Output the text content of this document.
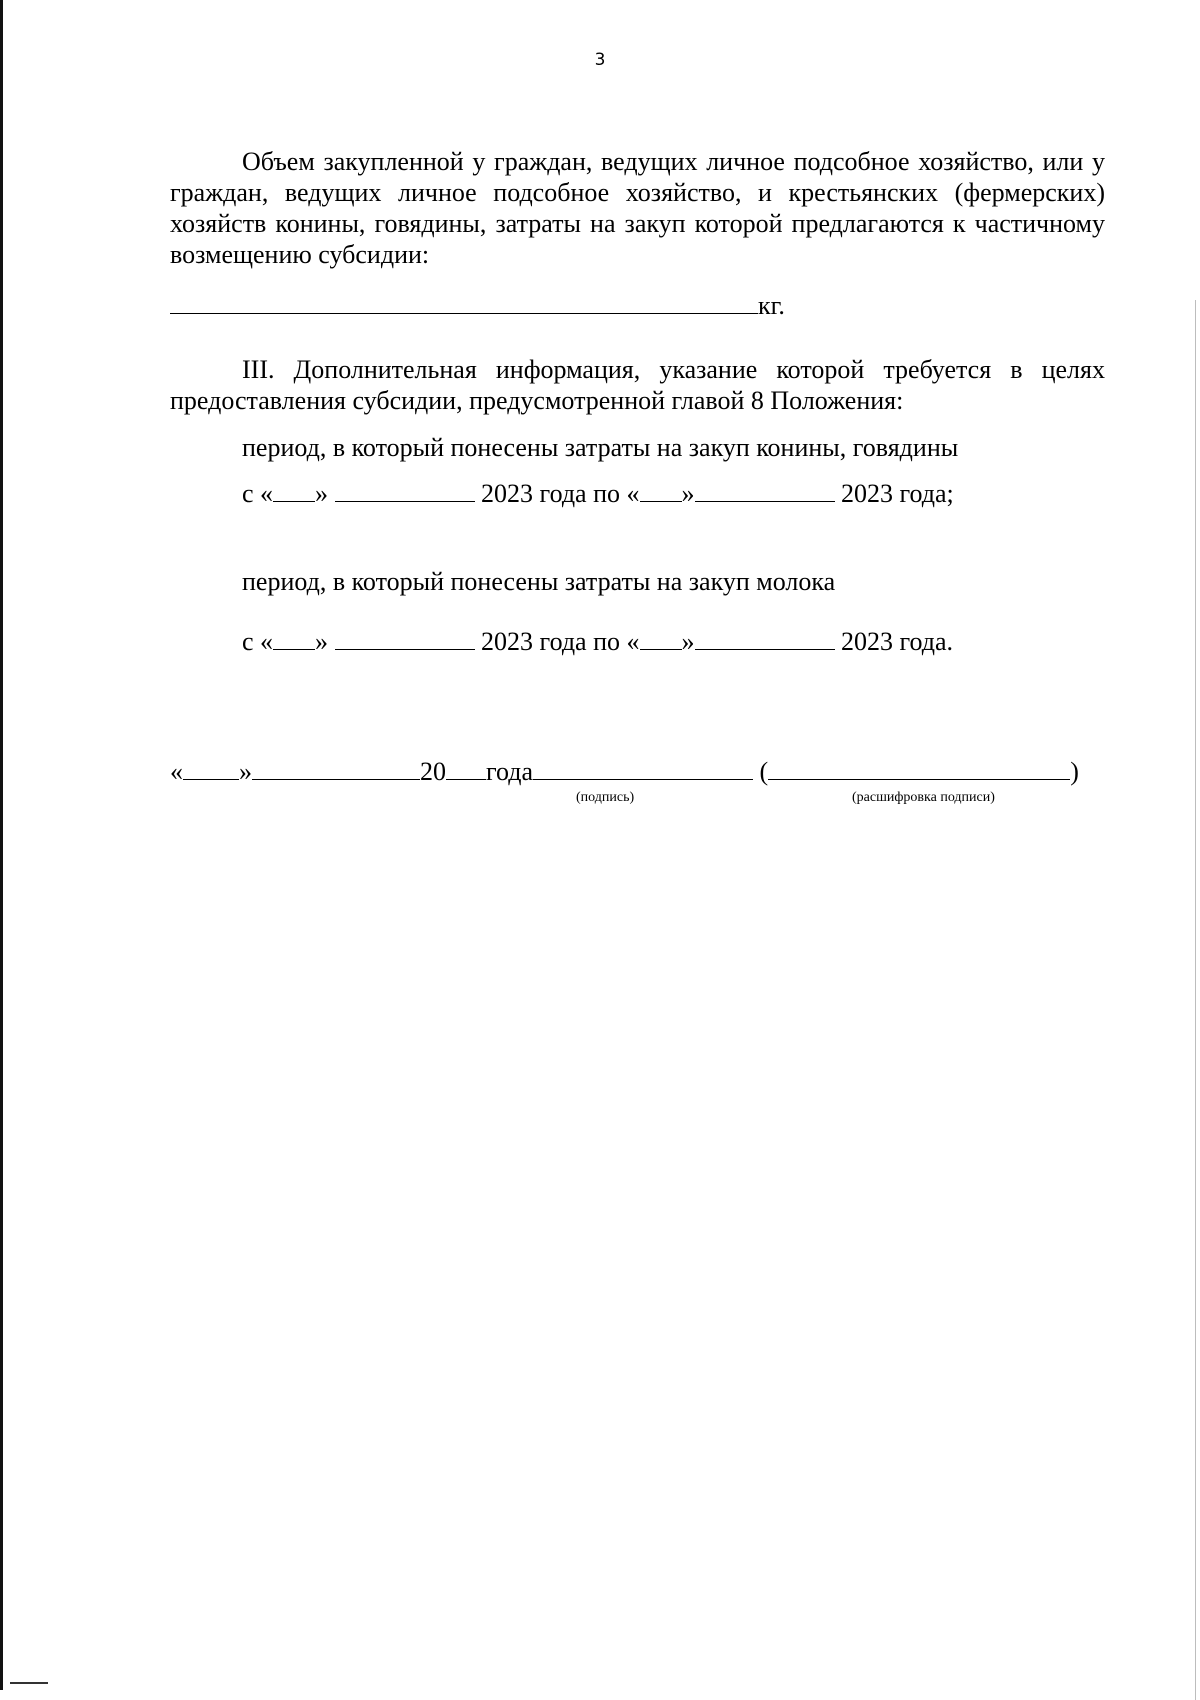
3
Объем закупленной у граждан, ведущих личное подсобное хозяйство, или у граждан, ведущих личное подсобное хозяйство, и крестьянских (фермерских) хозяйств конины, говядины, затраты на закуп которой предлагаются к частичному возмещению субсидии:
кг.
III. Дополнительная информация, указание которой требуется в целях предоставления субсидии, предусмотренной главой 8 Положения:
период, в который понесены затраты на закуп конины, говядины
с « »	2023 года по « »	2023 года;
период, в который понесены затраты на закуп молока
с « »	2023 года по « »	2023 года.
« »	20 года	(	)
(подпись)	(расшифровка подписи)
